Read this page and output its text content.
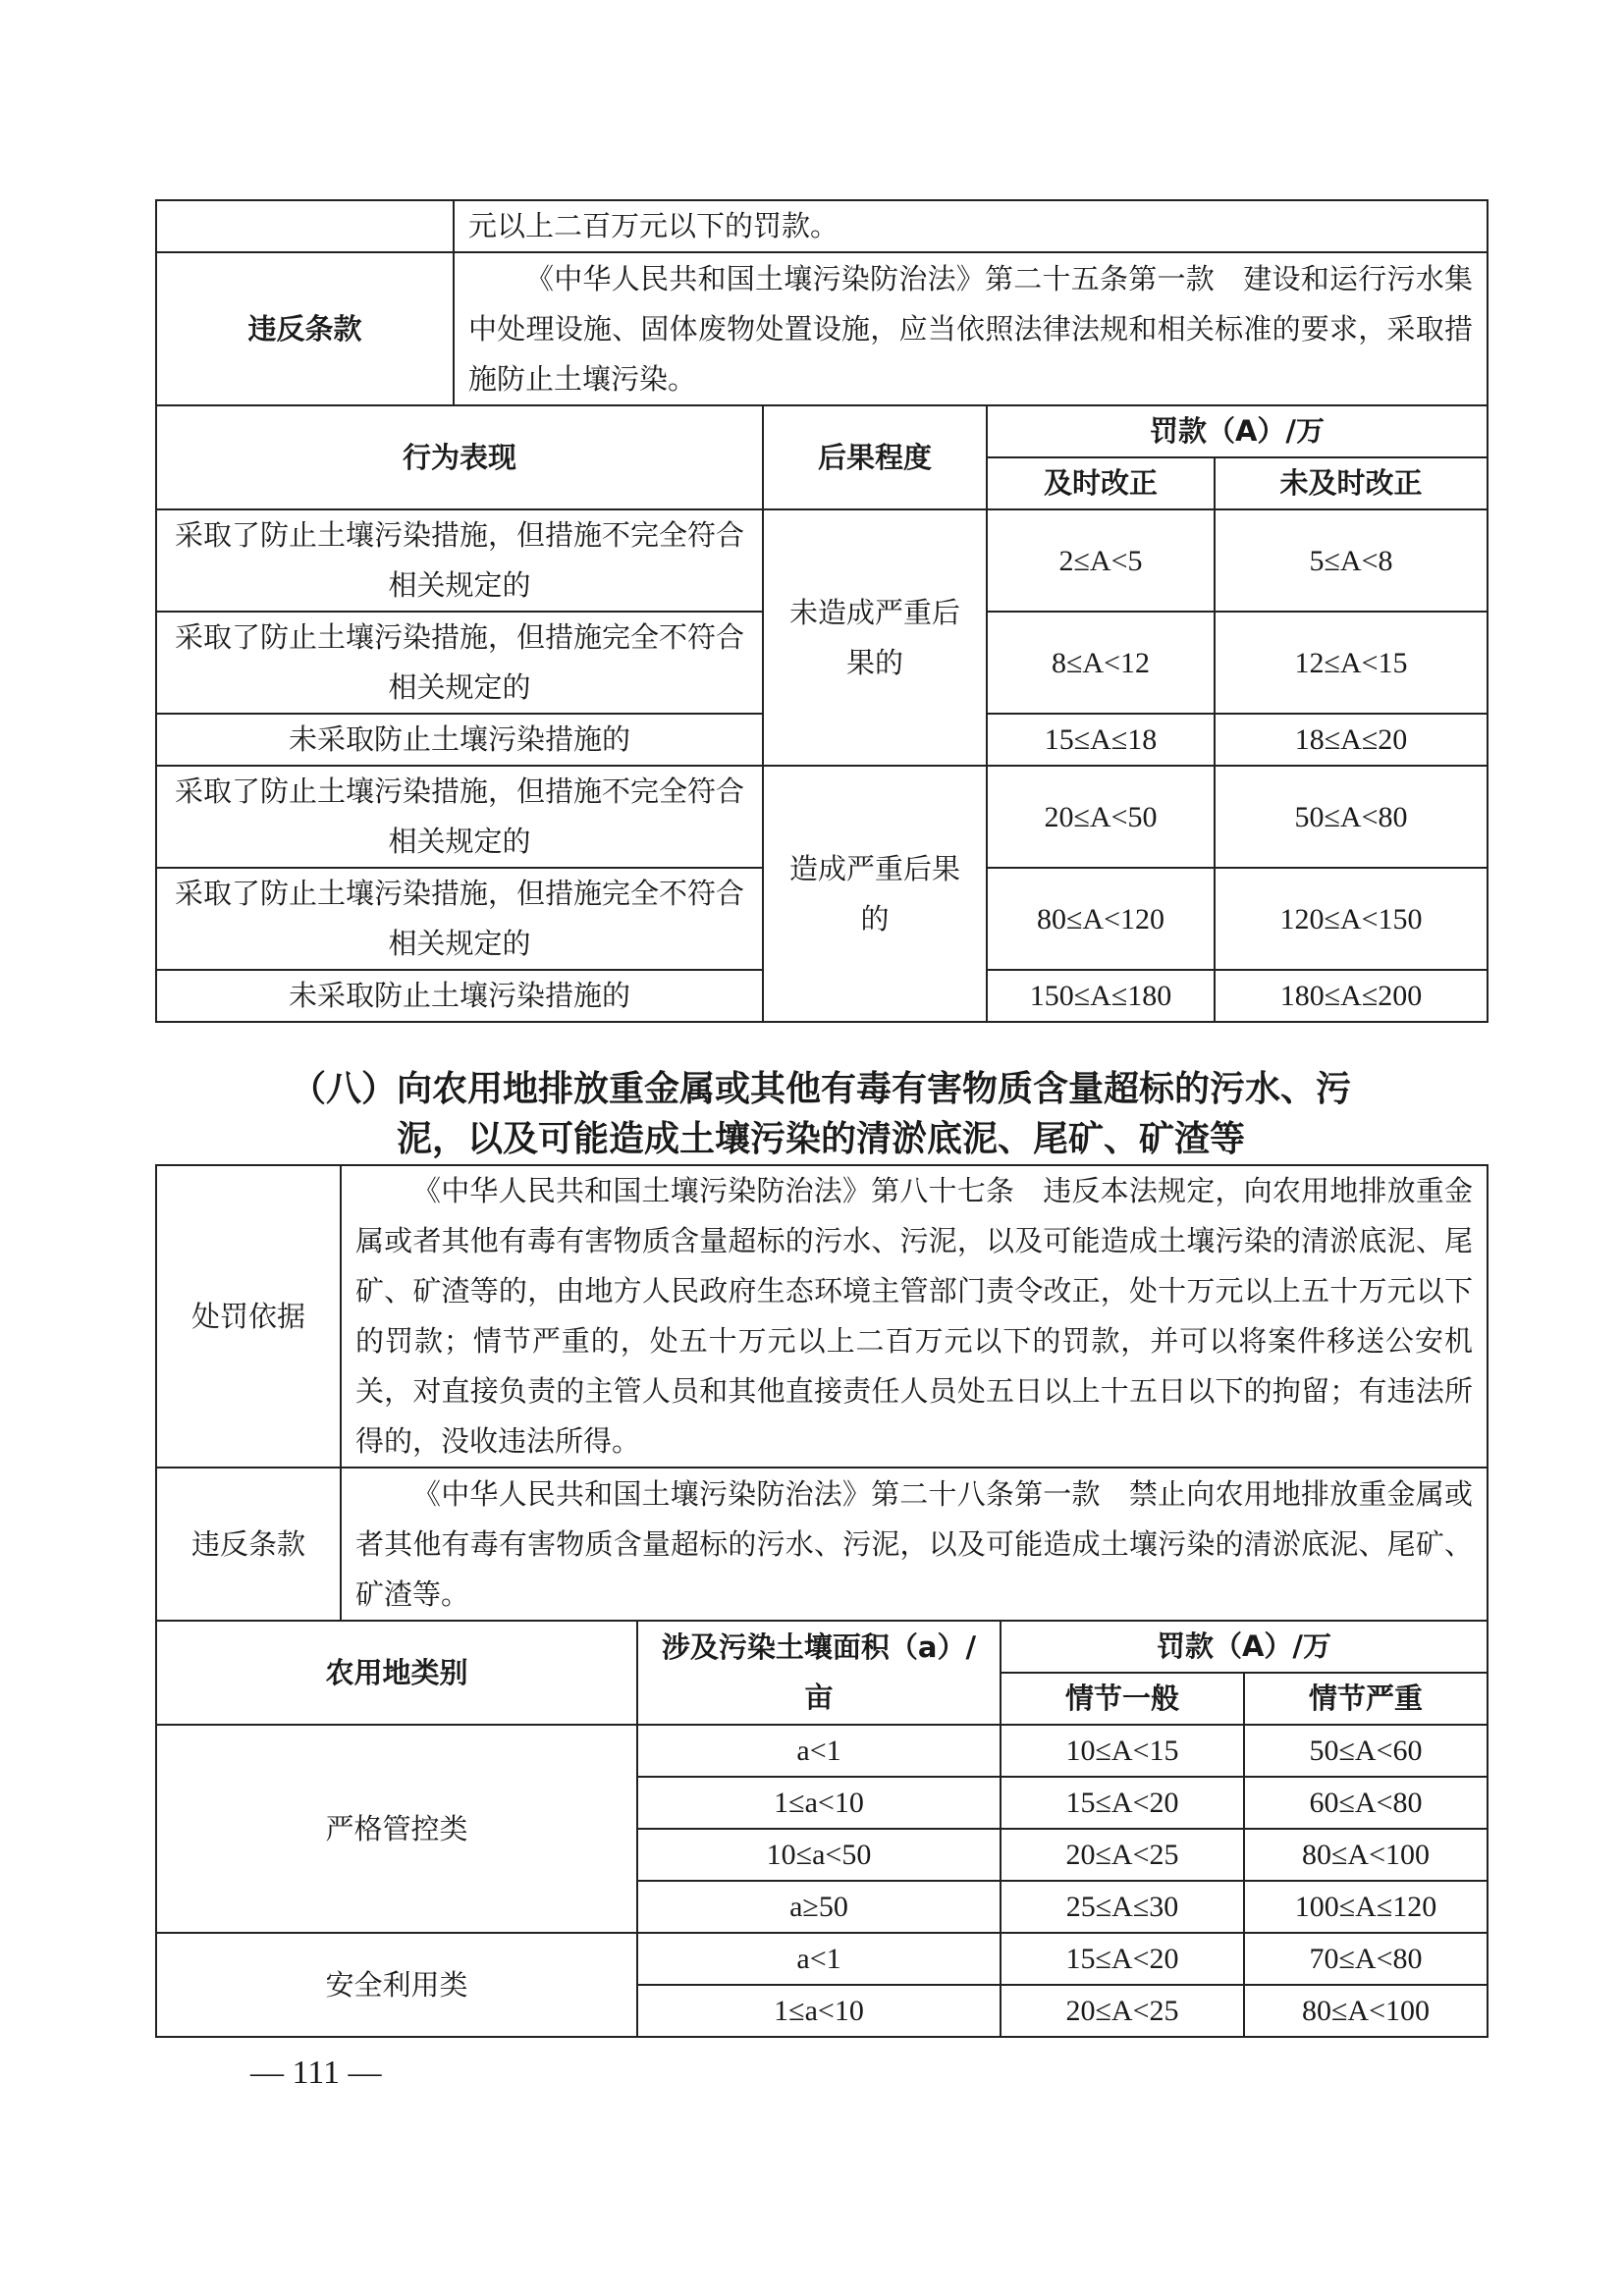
	元以上二百万元以下的罚款。			
违反条款	《中华人民共和国土壤污染防治法》第二十五条第一款　建设和运行污水集中处理设施、固体废物处置设施，应当依照法律法规和相关标准的要求，采取措施防止土壤污染。			
行为表现		后果程度	罚款（A）/万	
			及时改正	未及时改正
采取了防止土壤污染措施，但措施不完全符合相关规定的		未造成严重后果的	2≤A<5	5≤A<8
采取了防止土壤污染措施，但措施完全不符合相关规定的			8≤A<12	12≤A<15
未采取防止土壤污染措施的			15≤A≤18	18≤A≤20
采取了防止土壤污染措施，但措施不完全符合相关规定的		造成严重后果的	20≤A<50	50≤A<80
采取了防止土壤污染措施，但措施完全不符合相关规定的			80≤A<120	120≤A<150
未采取防止土壤污染措施的			150≤A≤180	180≤A≤200
（八）向农用地排放重金属或其他有毒有害物质含量超标的污水、污
泥，以及可能造成土壤污染的清淤底泥、尾矿、矿渣等
处罚依据	《中华人民共和国土壤污染防治法》第八十七条　违反本法规定，向农用地排放重金属或者其他有毒有害物质含量超标的污水、污泥，以及可能造成土壤污染的清淤底泥、尾矿、矿渣等的，由地方人民政府生态环境主管部门责令改正，处十万元以上五十万元以下的罚款；情节严重的，处五十万元以上二百万元以下的罚款，并可以将案件移送公安机关，对直接负责的主管人员和其他直接责任人员处五日以上十五日以下的拘留；有违法所得的，没收违法所得。			
违反条款	《中华人民共和国土壤污染防治法》第二十八条第一款　禁止向农用地排放重金属或者其他有毒有害物质含量超标的污水、污泥，以及可能造成土壤污染的清淤底泥、尾矿、矿渣等。			
农用地类别		涉及污染土壤面积（a）/亩	罚款（A）/万	
			情节一般	情节严重
严格管控类		a<1	10≤A<15	50≤A<60
		1≤a<10	15≤A<20	60≤A<80
		10≤a<50	20≤A<25	80≤A<100
		a≥50	25≤A≤30	100≤A≤120
安全利用类		a<1	15≤A<20	70≤A<80
		1≤a<10	20≤A<25	80≤A<100
— 111 —
